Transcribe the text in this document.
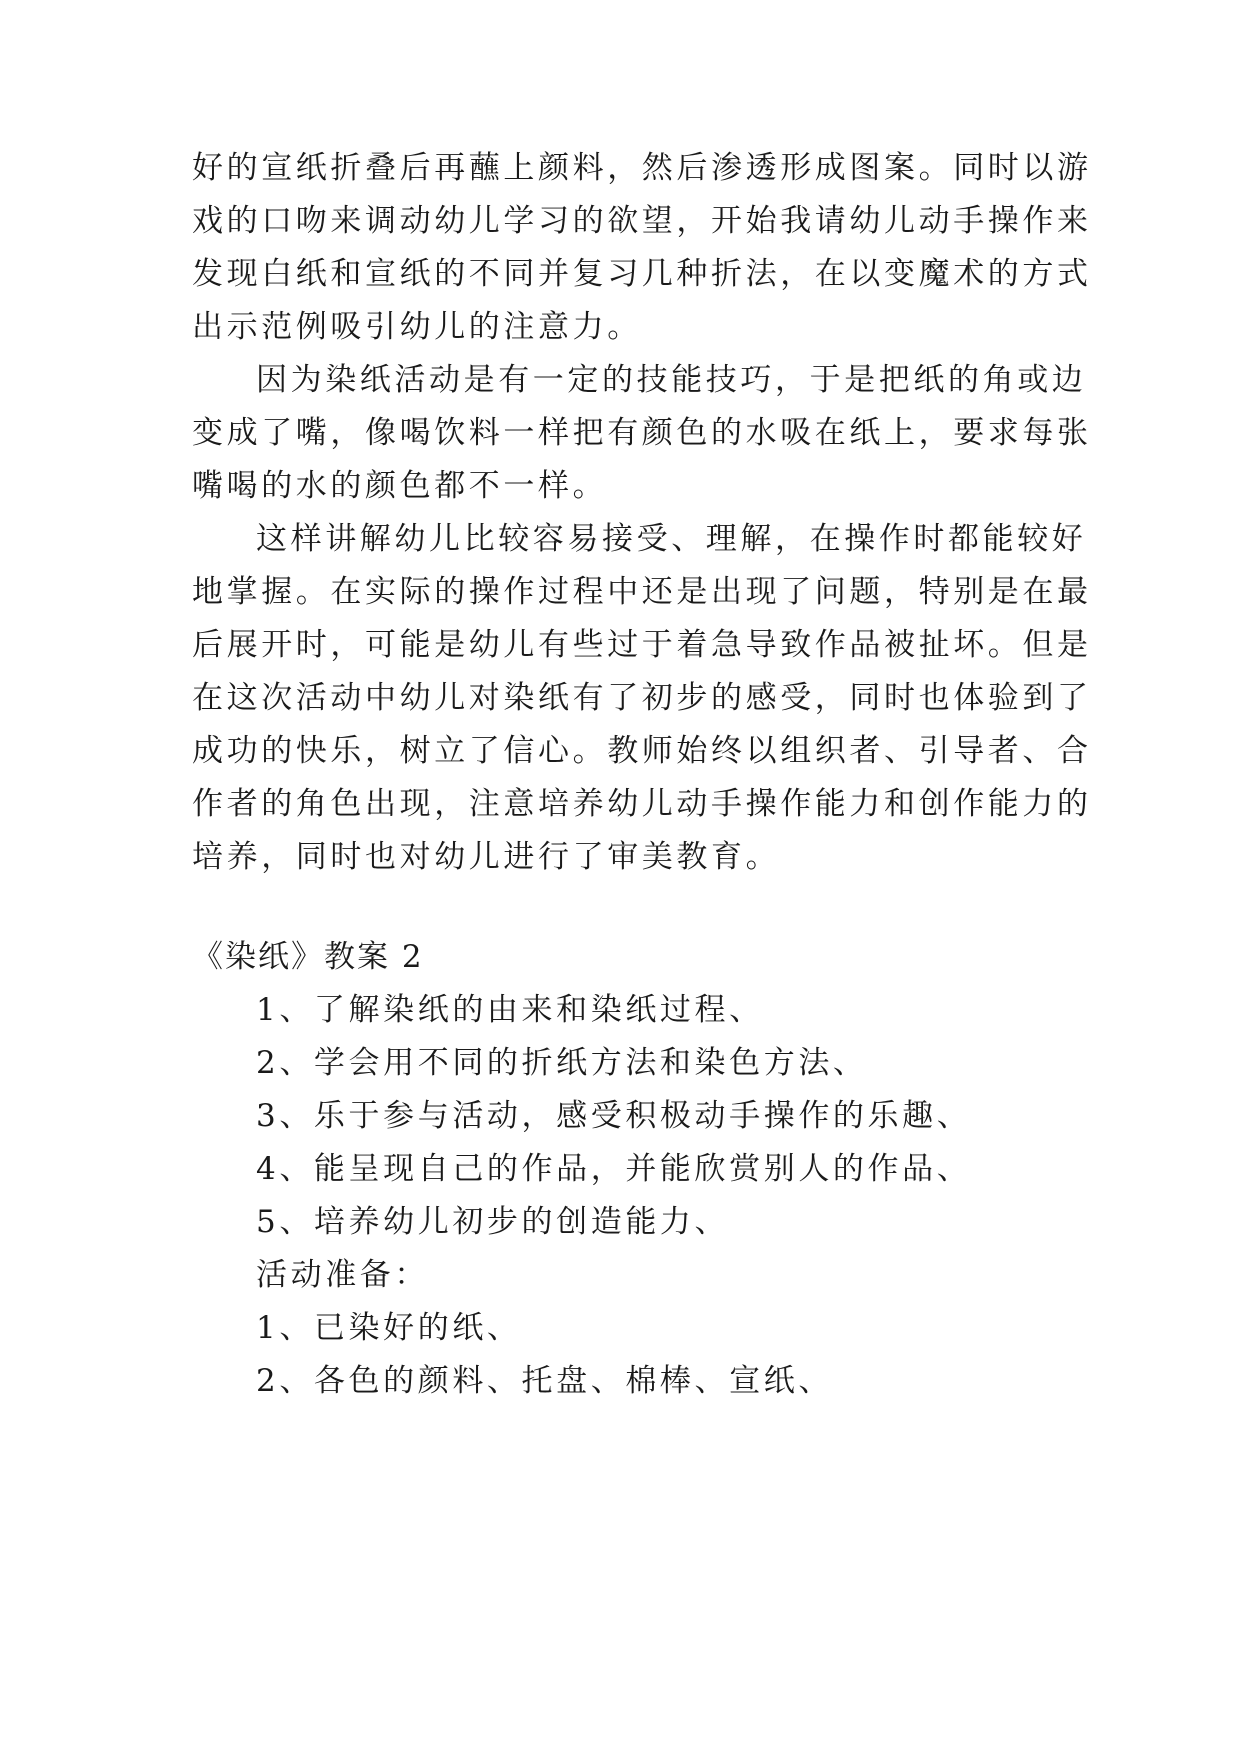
好的宣纸折叠后再蘸上颜料，然后渗透形成图案。同时以游
戏的口吻来调动幼儿学习的欲望，开始我请幼儿动手操作来
发现白纸和宣纸的不同并复习几种折法，在以变魔术的方式
出示范例吸引幼儿的注意力。
因为染纸活动是有一定的技能技巧，于是把纸的角或边
变成了嘴，像喝饮料一样把有颜色的水吸在纸上，要求每张
嘴喝的水的颜色都不一样。
这样讲解幼儿比较容易接受、理解，在操作时都能较好
地掌握。在实际的操作过程中还是出现了问题，特别是在最
后展开时，可能是幼儿有些过于着急导致作品被扯坏。但是
在这次活动中幼儿对染纸有了初步的感受，同时也体验到了
成功的快乐，树立了信心。教师始终以组织者、引导者、合
作者的角色出现，注意培养幼儿动手操作能力和创作能力的
培养，同时也对幼儿进行了审美教育。
《染纸》教案 2
1、了解染纸的由来和染纸过程、
2、学会用不同的折纸方法和染色方法、
3、乐于参与活动，感受积极动手操作的乐趣、
4、能呈现自己的作品，并能欣赏别人的作品、
5、培养幼儿初步的创造能力、
活动准备：
1、已染好的纸、
2、各色的颜料、托盘、棉棒、宣纸、
